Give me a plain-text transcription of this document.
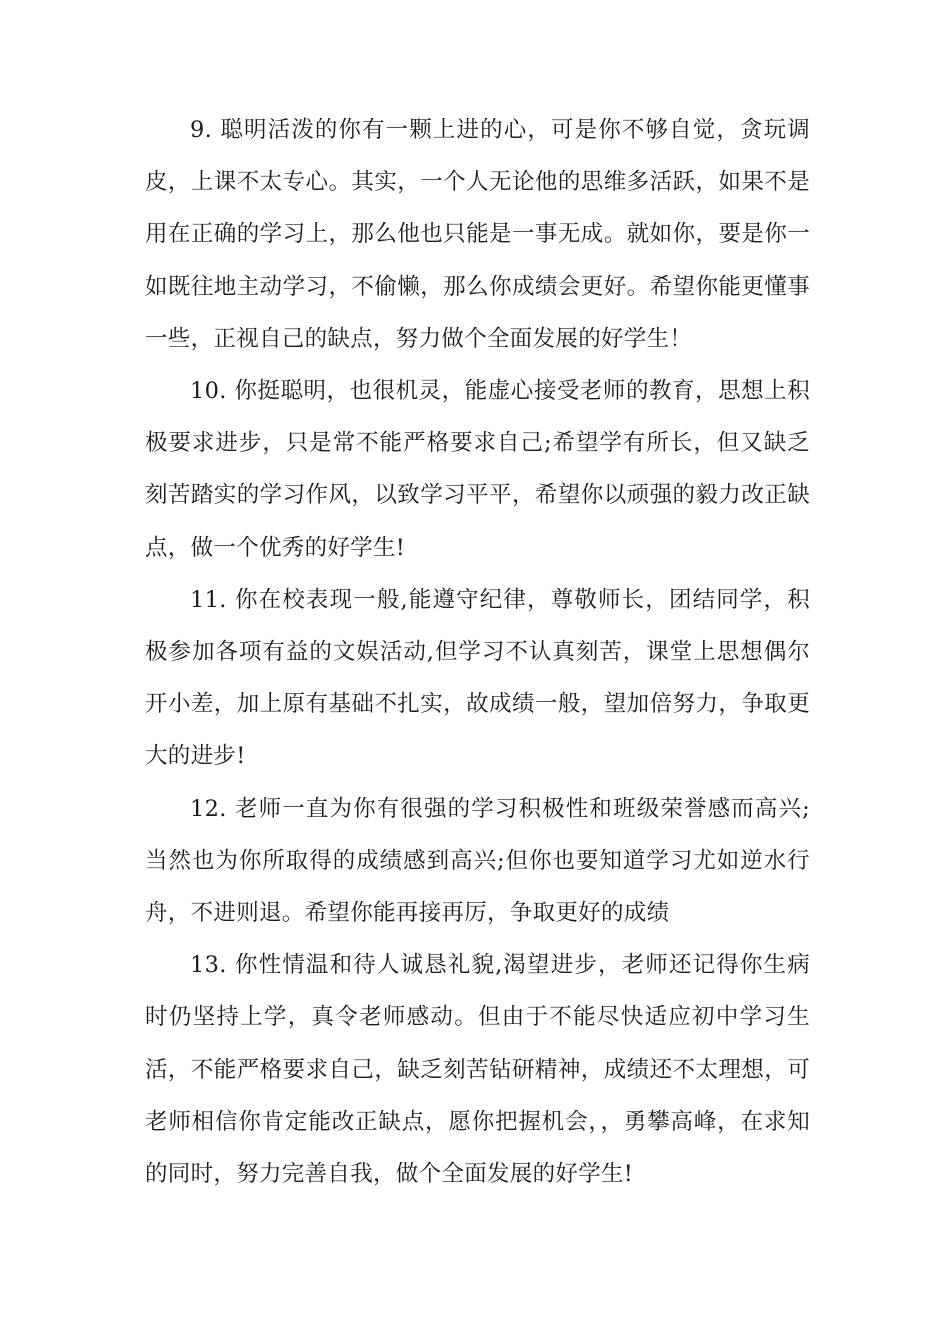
9. 聪明活泼的你有一颗上进的心，可是你不够自觉，贪玩调皮，上课不太专心。其实，一个人无论他的思维多活跃，如果不是用在正确的学习上，那么他也只能是一事无成。就如你，要是你一如既往地主动学习，不偷懒，那么你成绩会更好。希望你能更懂事一些，正视自己的缺点，努力做个全面发展的好学生！

10. 你挺聪明，也很机灵，能虚心接受老师的教育，思想上积极要求进步，只是常不能严格要求自己;希望学有所长，但又缺乏刻苦踏实的学习作风，以致学习平平，希望你以顽强的毅力改正缺点，做一个优秀的好学生!

11. 你在校表现一般,能遵守纪律，尊敬师长，团结同学，积极参加各项有益的文娱活动,但学习不认真刻苦，课堂上思想偶尔开小差，加上原有基础不扎实，故成绩一般，望加倍努力，争取更大的进步!

12. 老师一直为你有很强的学习积极性和班级荣誉感而高兴;当然也为你所取得的成绩感到高兴;但你也要知道学习尤如逆水行舟，不进则退。希望你能再接再厉，争取更好的成绩

13. 你性情温和待人诚恳礼貌,渴望进步，老师还记得你生病时仍坚持上学，真令老师感动。但由于不能尽快适应初中学习生活，不能严格要求自己，缺乏刻苦钻研精神，成绩还不太理想，可老师相信你肯定能改正缺点，愿你把握机会，，勇攀高峰，在求知的同时，努力完善自我，做个全面发展的好学生!
